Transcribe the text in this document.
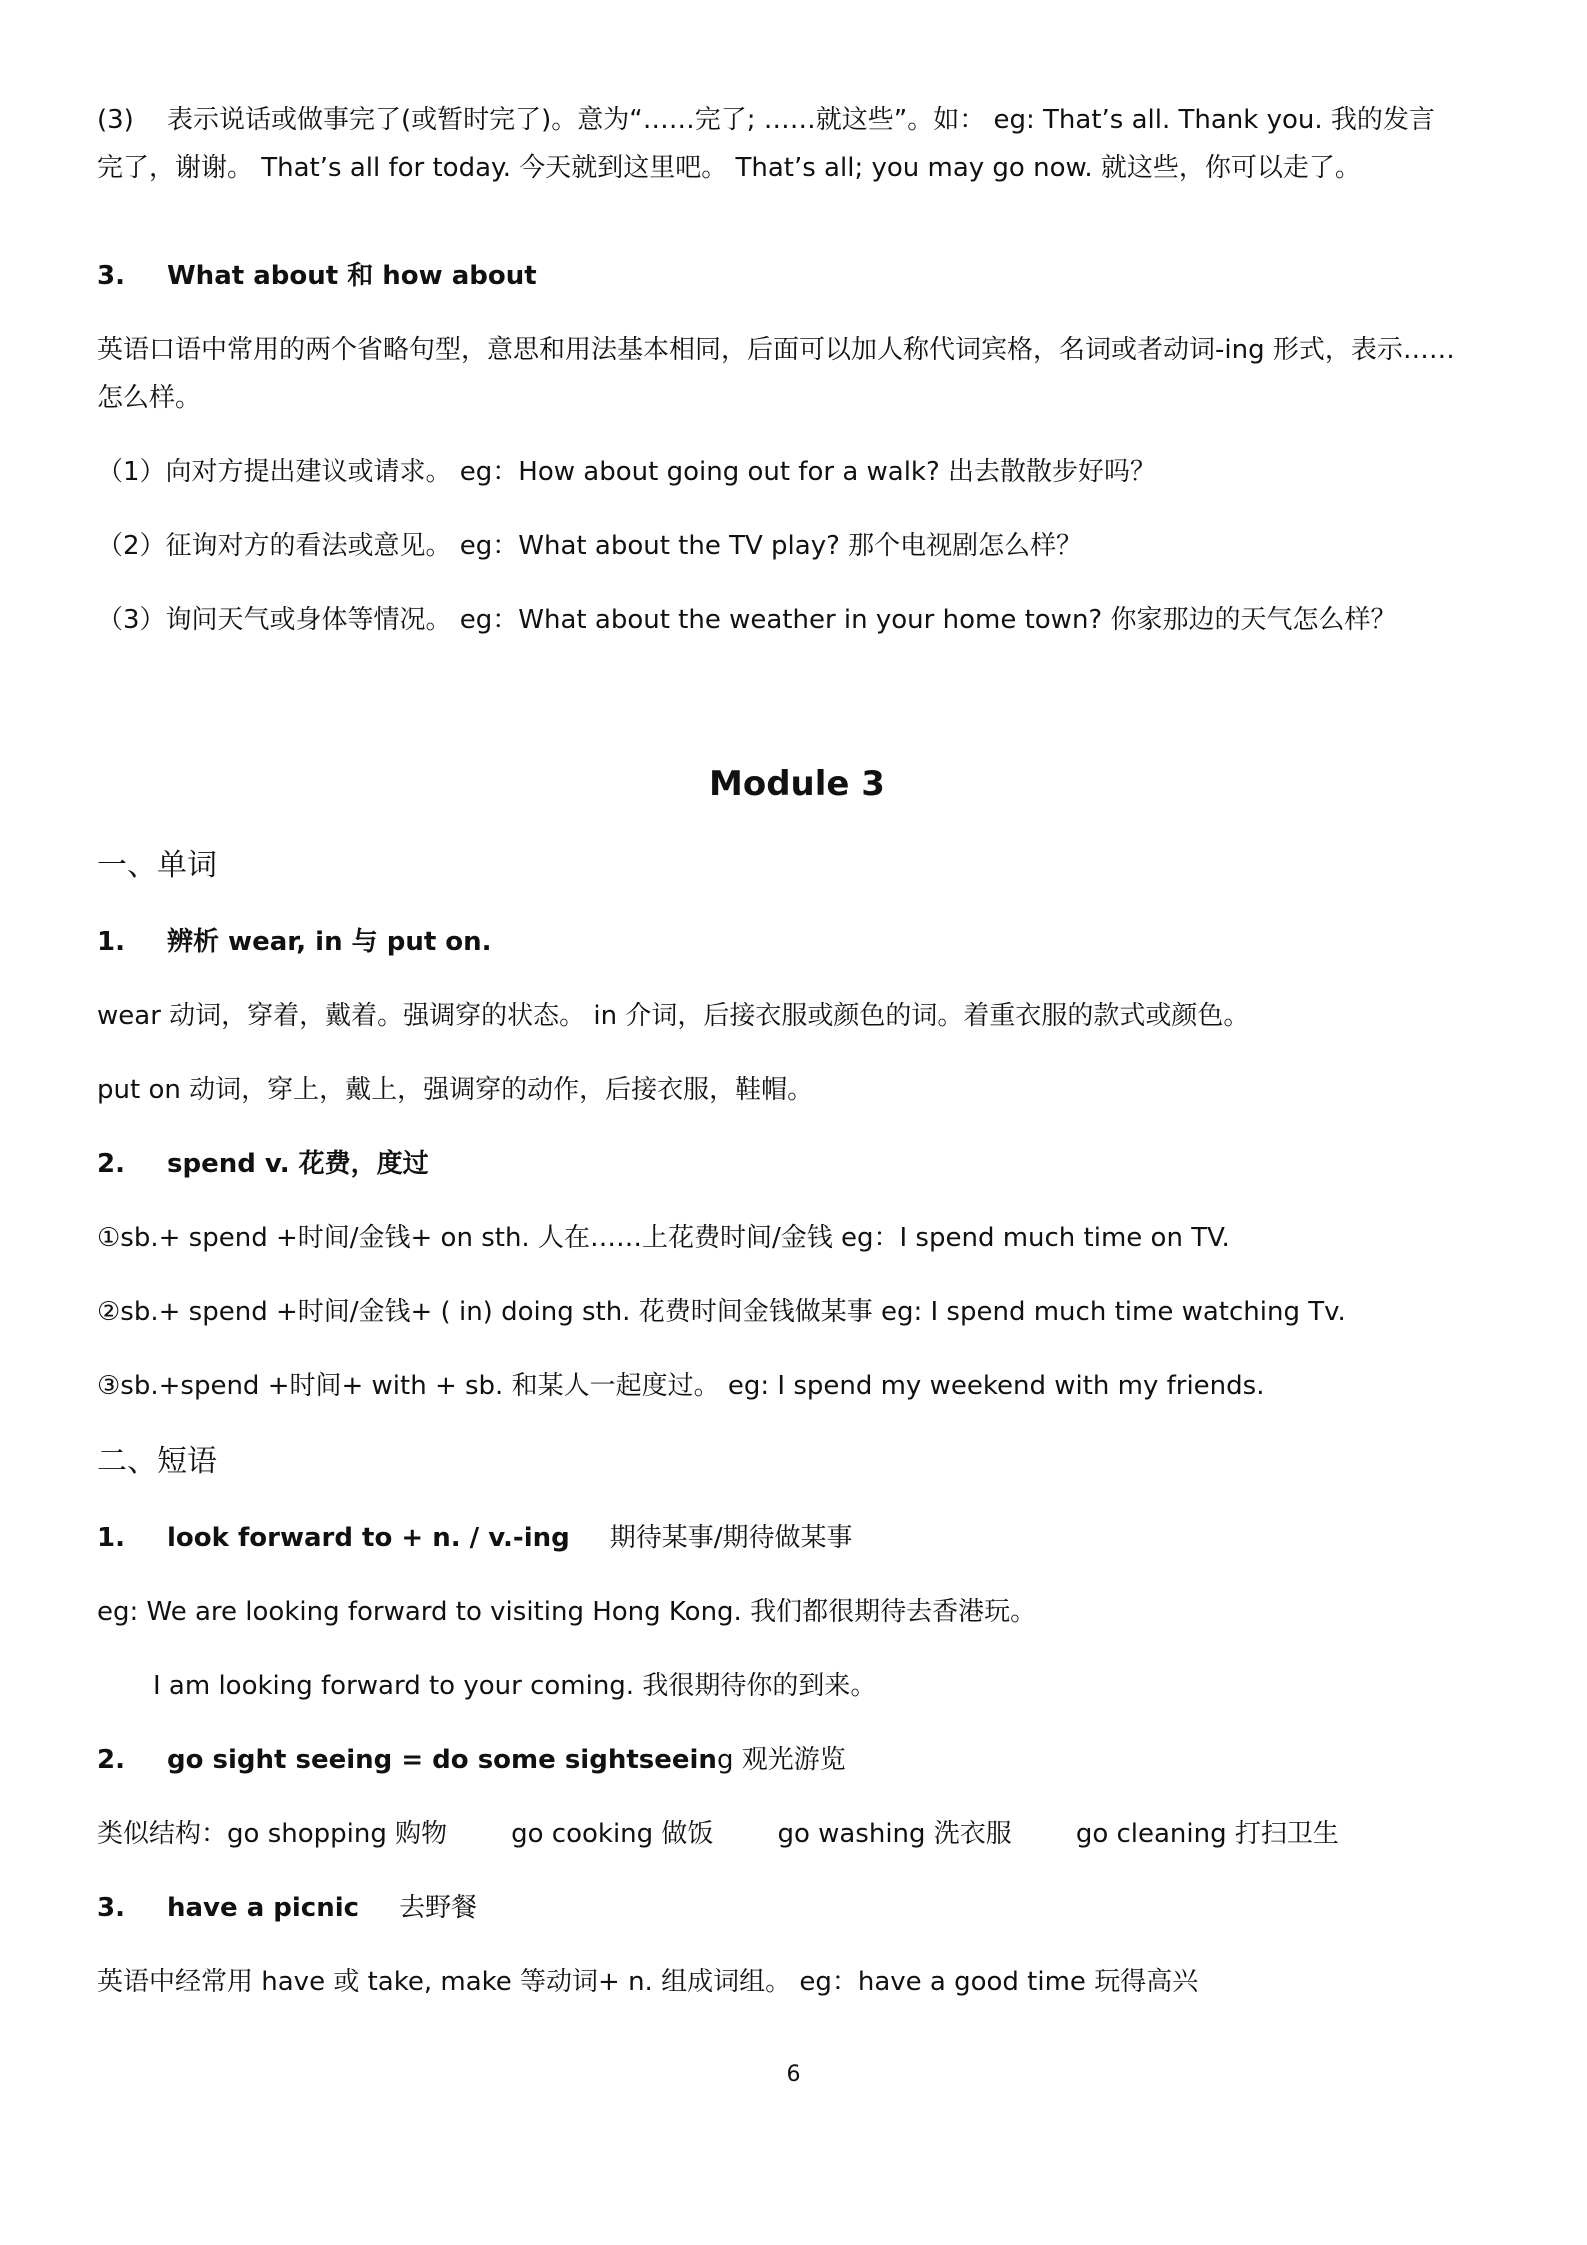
(3) 表示说话或做事完了(或暂时完了)。意为“……完了; ……就这些”。如： eg: That’s all. Thank you. 我的发言
完了，谢谢。 That’s all for today. 今天就到这里吧。 That’s all; you may go now. 就这些，你可以走了。
3. What about 和 how about
英语口语中常用的两个省略句型，意思和用法基本相同，后面可以加人称代词宾格，名词或者动词-ing 形式，表示……
怎么样。
（1）向对方提出建议或请求。 eg：How about going out for a walk? 出去散散步好吗？
（2）征询对方的看法或意见。 eg：What about the TV play? 那个电视剧怎么样？
（3）询问天气或身体等情况。 eg：What about the weather in your home town? 你家那边的天气怎么样？
Module 3
一、单词
1. 辨析 wear, in 与 put on.
wear 动词，穿着，戴着。强调穿的状态。 in 介词，后接衣服或颜色的词。着重衣服的款式或颜色。
put on 动词，穿上，戴上，强调穿的动作，后接衣服，鞋帽。
2. spend v. 花费，度过
①sb.+ spend +时间/金钱+ on sth. 人在……上花费时间/金钱 eg：I spend much time on TV.
②sb.+ spend +时间/金钱+ ( in) doing sth. 花费时间金钱做某事 eg: I spend much time watching Tv.
③sb.+spend +时间+ with + sb. 和某人一起度过。 eg: I spend my weekend with my friends.
二、短语
1. look forward to + n. / v.-ing 期待某事/期待做某事
eg: We are looking forward to visiting Hong Kong. 我们都很期待去香港玩。
I am looking forward to your coming. 我很期待你的到来。
2. go sight seeing = do some sightseeing 观光游览
类似结构：go shopping 购物 go cooking 做饭 go washing 洗衣服 go cleaning 打扫卫生
3. have a picnic 去野餐
英语中经常用 have 或 take, make 等动词+ n. 组成词组。 eg：have a good time 玩得高兴
6
